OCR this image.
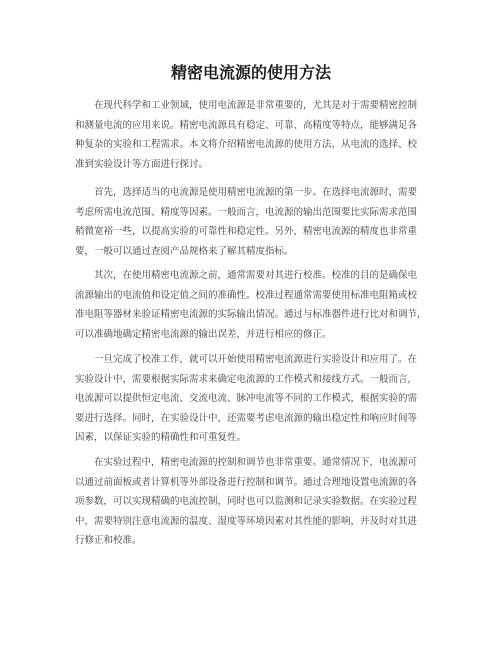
精密电流源的使用方法
在现代科学和工业领域，使用电流源是非常重要的，尤其是对于需要精密控制
和测量电流的应用来说。精密电流源具有稳定、可靠、高精度等特点，能够满足各
种复杂的实验和工程需求。本文将介绍精密电流源的使用方法，从电流的选择、校
准到实验设计等方面进行探讨。
首先，选择适当的电流源是使用精密电流源的第一步。在选择电流源时，需要
考虑所需电流范围、精度等因素。一般而言，电流源的输出范围要比实际需求范围
稍微宽裕一些，以提高实验的可靠性和稳定性。另外，精密电流源的精度也非常重
要，一般可以通过查阅产品规格来了解其精度指标。
其次，在使用精密电流源之前，通常需要对其进行校准。校准的目的是确保电
流源输出的电流值和设定值之间的准确性。校准过程通常需要使用标准电阻箱或校
准电阻等器材来验证精密电流源的实际输出情况。通过与标准器件进行比对和调节，
可以准确地确定精密电流源的输出误差，并进行相应的修正。
一旦完成了校准工作，就可以开始使用精密电流源进行实验设计和应用了。在
实验设计中，需要根据实际需求来确定电流源的工作模式和接线方式。一般而言，
电流源可以提供恒定电流、交流电流、脉冲电流等不同的工作模式，根据实验的需
要进行选择。同时，在实验设计中，还需要考虑电流源的输出稳定性和响应时间等
因素，以保证实验的精确性和可重复性。
在实验过程中，精密电流源的控制和调节也非常重要。通常情况下，电流源可
以通过前面板或者计算机等外部设备进行控制和调节。通过合理地设置电流源的各
项参数，可以实现精确的电流控制，同时也可以监测和记录实验数据。在实验过程
中，需要特别注意电流源的温度、湿度等环境因素对其性能的影响，并及时对其进
行修正和校准。
